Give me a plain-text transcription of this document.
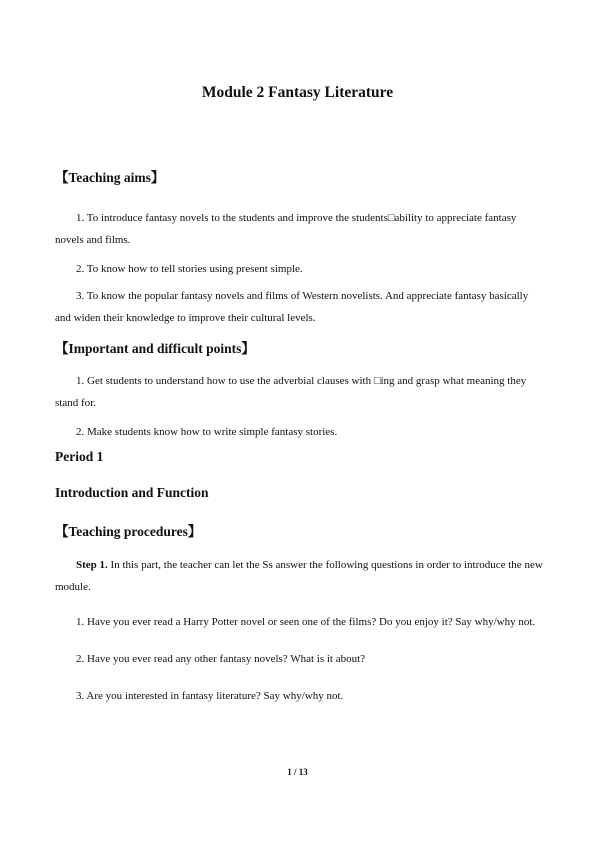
Module 2 Fantasy Literature
【Teaching aims】

1. To introduce fantasy novels to the students and improve the students□ability to appreciate fantasy novels and films.

2. To know how to tell stories using present simple.

3. To know the popular fantasy novels and films of Western novelists. And appreciate fantasy basically and widen their knowledge to improve their cultural levels.

【Important and difficult points】

1. Get students to understand how to use the adverbial clauses with □ing and grasp what meaning they stand for.

2. Make students know how to write simple fantasy stories.

Period 1
Introduction and Function
【Teaching procedures】

Step 1. In this part, the teacher can let the Ss answer the following questions in order to introduce the new module.

1. Have you ever read a Harry Potter novel or seen one of the films? Do you enjoy it? Say why/why not.

2. Have you ever read any other fantasy novels? What is it about?

3. Are you interested in fantasy literature? Say why/why not.

1 / 13
